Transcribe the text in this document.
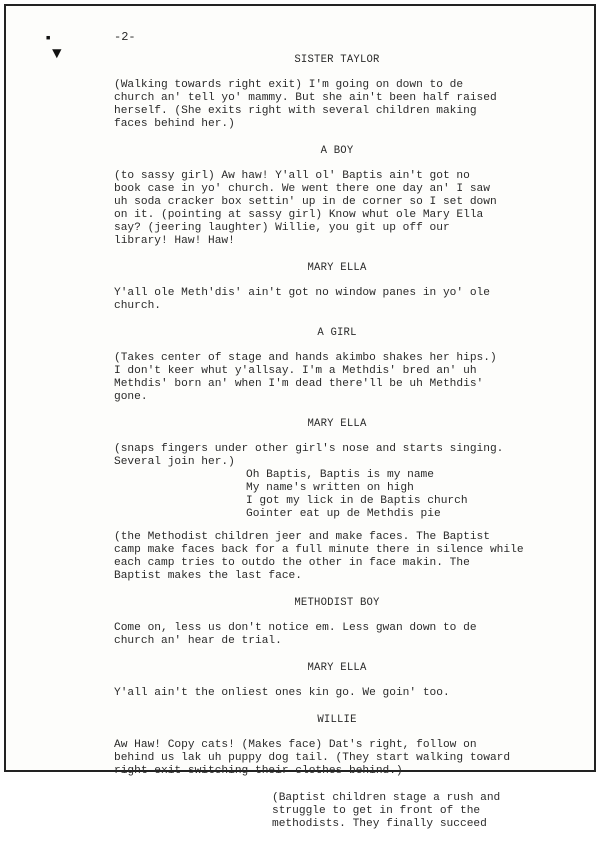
▪
▼
-2-
SISTER TAYLOR
(Walking towards right exit) I'm going on down to de
church an' tell yo' mammy. But she ain't been half raised
herself. (She exits right with several children making
faces behind her.)
A BOY
(to sassy girl) Aw haw! Y'all ol' Baptis ain't got no
book case in yo' church. We went there one day an' I saw
uh soda cracker box settin' up in de corner so I set down
on it. (pointing at sassy girl) Know whut ole Mary Ella
say? (jeering laughter) Willie, you git up off our
library! Haw! Haw!
MARY ELLA
Y'all ole Meth'dis' ain't got no window panes in yo' ole
church.
A GIRL
(Takes center of stage and hands akimbo shakes her hips.)
I don't keer whut y'allsay. I'm a Methdis' bred an' uh
Methdis' born an' when I'm dead there'll be uh Methdis'
gone.
MARY ELLA
(snaps fingers under other girl's nose and starts singing.
Several join her.)
Oh Baptis, Baptis is my name
My name's written on high
I got my lick in de Baptis church
Gointer eat up de Methdis pie
(the Methodist children jeer and make faces. The Baptist
camp make faces back for a full minute there in silence while
each camp tries to outdo the other in face makin. The
Baptist makes the last face.
METHODIST BOY
Come on, less us don't notice em. Less gwan down to de
church an' hear de trial.
MARY ELLA
Y'all ain't the onliest ones kin go. We goin' too.
WILLIE
Aw Haw! Copy cats! (Makes face) Dat's right, follow on
behind us lak uh puppy dog tail. (They start walking toward
right exit switching their clothes behind.)
(Baptist children stage a rush and
struggle to get in front of the
methodists. They finally succeed
